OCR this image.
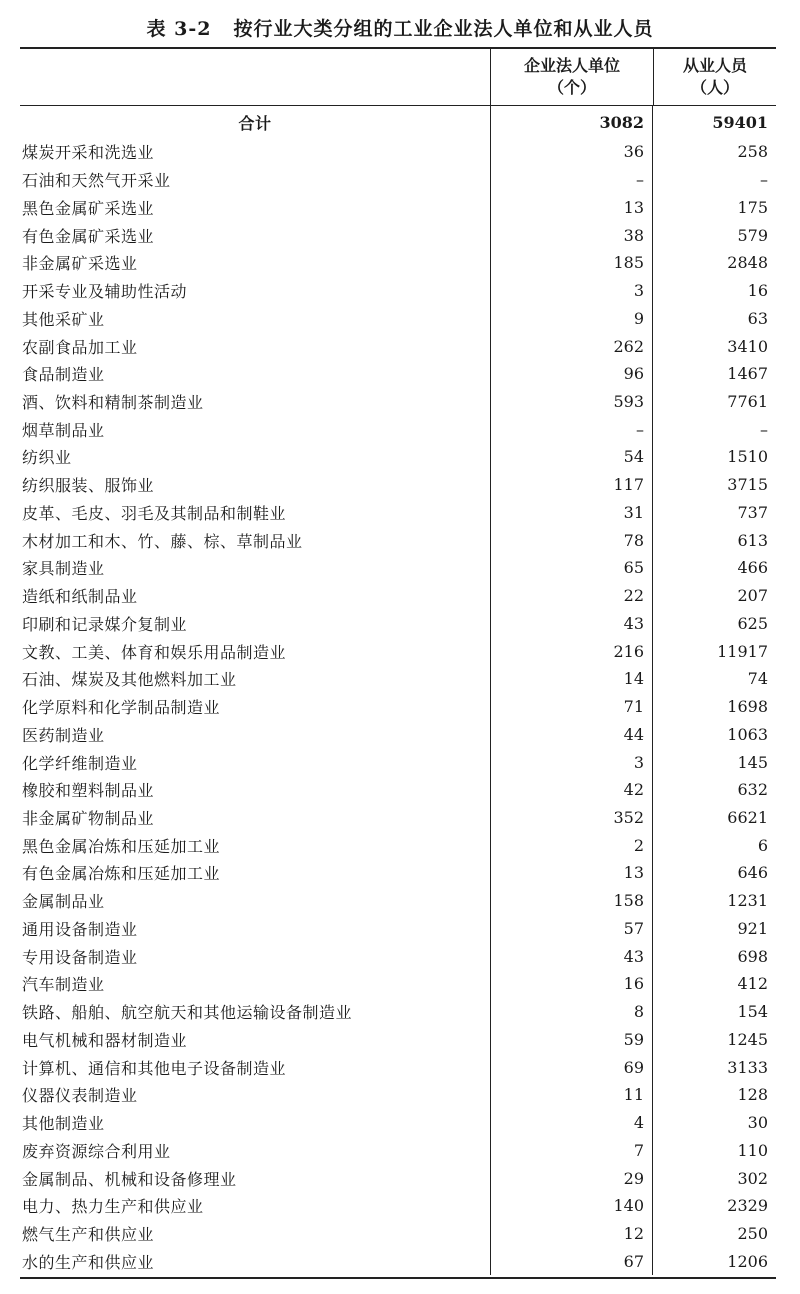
表 3-2 按行业大类分组的工业企业法人单位和从业人员
企业法人单位
（个）
从业人员
（人）
合计	3082	59401
煤炭开采和洗选业	36	258
石油和天然气开采业	–	–
黑色金属矿采选业	13	175
有色金属矿采选业	38	579
非金属矿采选业	185	2848
开采专业及辅助性活动	3	16
其他采矿业	9	63
农副食品加工业	262	3410
食品制造业	96	1467
酒、饮料和精制茶制造业	593	7761
烟草制品业	–	–
纺织业	54	1510
纺织服装、服饰业	117	3715
皮革、毛皮、羽毛及其制品和制鞋业	31	737
木材加工和木、竹、藤、棕、草制品业	78	613
家具制造业	65	466
造纸和纸制品业	22	207
印刷和记录媒介复制业	43	625
文教、工美、体育和娱乐用品制造业	216	11917
石油、煤炭及其他燃料加工业	14	74
化学原料和化学制品制造业	71	1698
医药制造业	44	1063
化学纤维制造业	3	145
橡胶和塑料制品业	42	632
非金属矿物制品业	352	6621
黑色金属冶炼和压延加工业	2	6
有色金属冶炼和压延加工业	13	646
金属制品业	158	1231
通用设备制造业	57	921
专用设备制造业	43	698
汽车制造业	16	412
铁路、船舶、航空航天和其他运输设备制造业	8	154
电气机械和器材制造业	59	1245
计算机、通信和其他电子设备制造业	69	3133
仪器仪表制造业	11	128
其他制造业	4	30
废弃资源综合利用业	7	110
金属制品、机械和设备修理业	29	302
电力、热力生产和供应业	140	2329
燃气生产和供应业	12	250
水的生产和供应业	67	1206
